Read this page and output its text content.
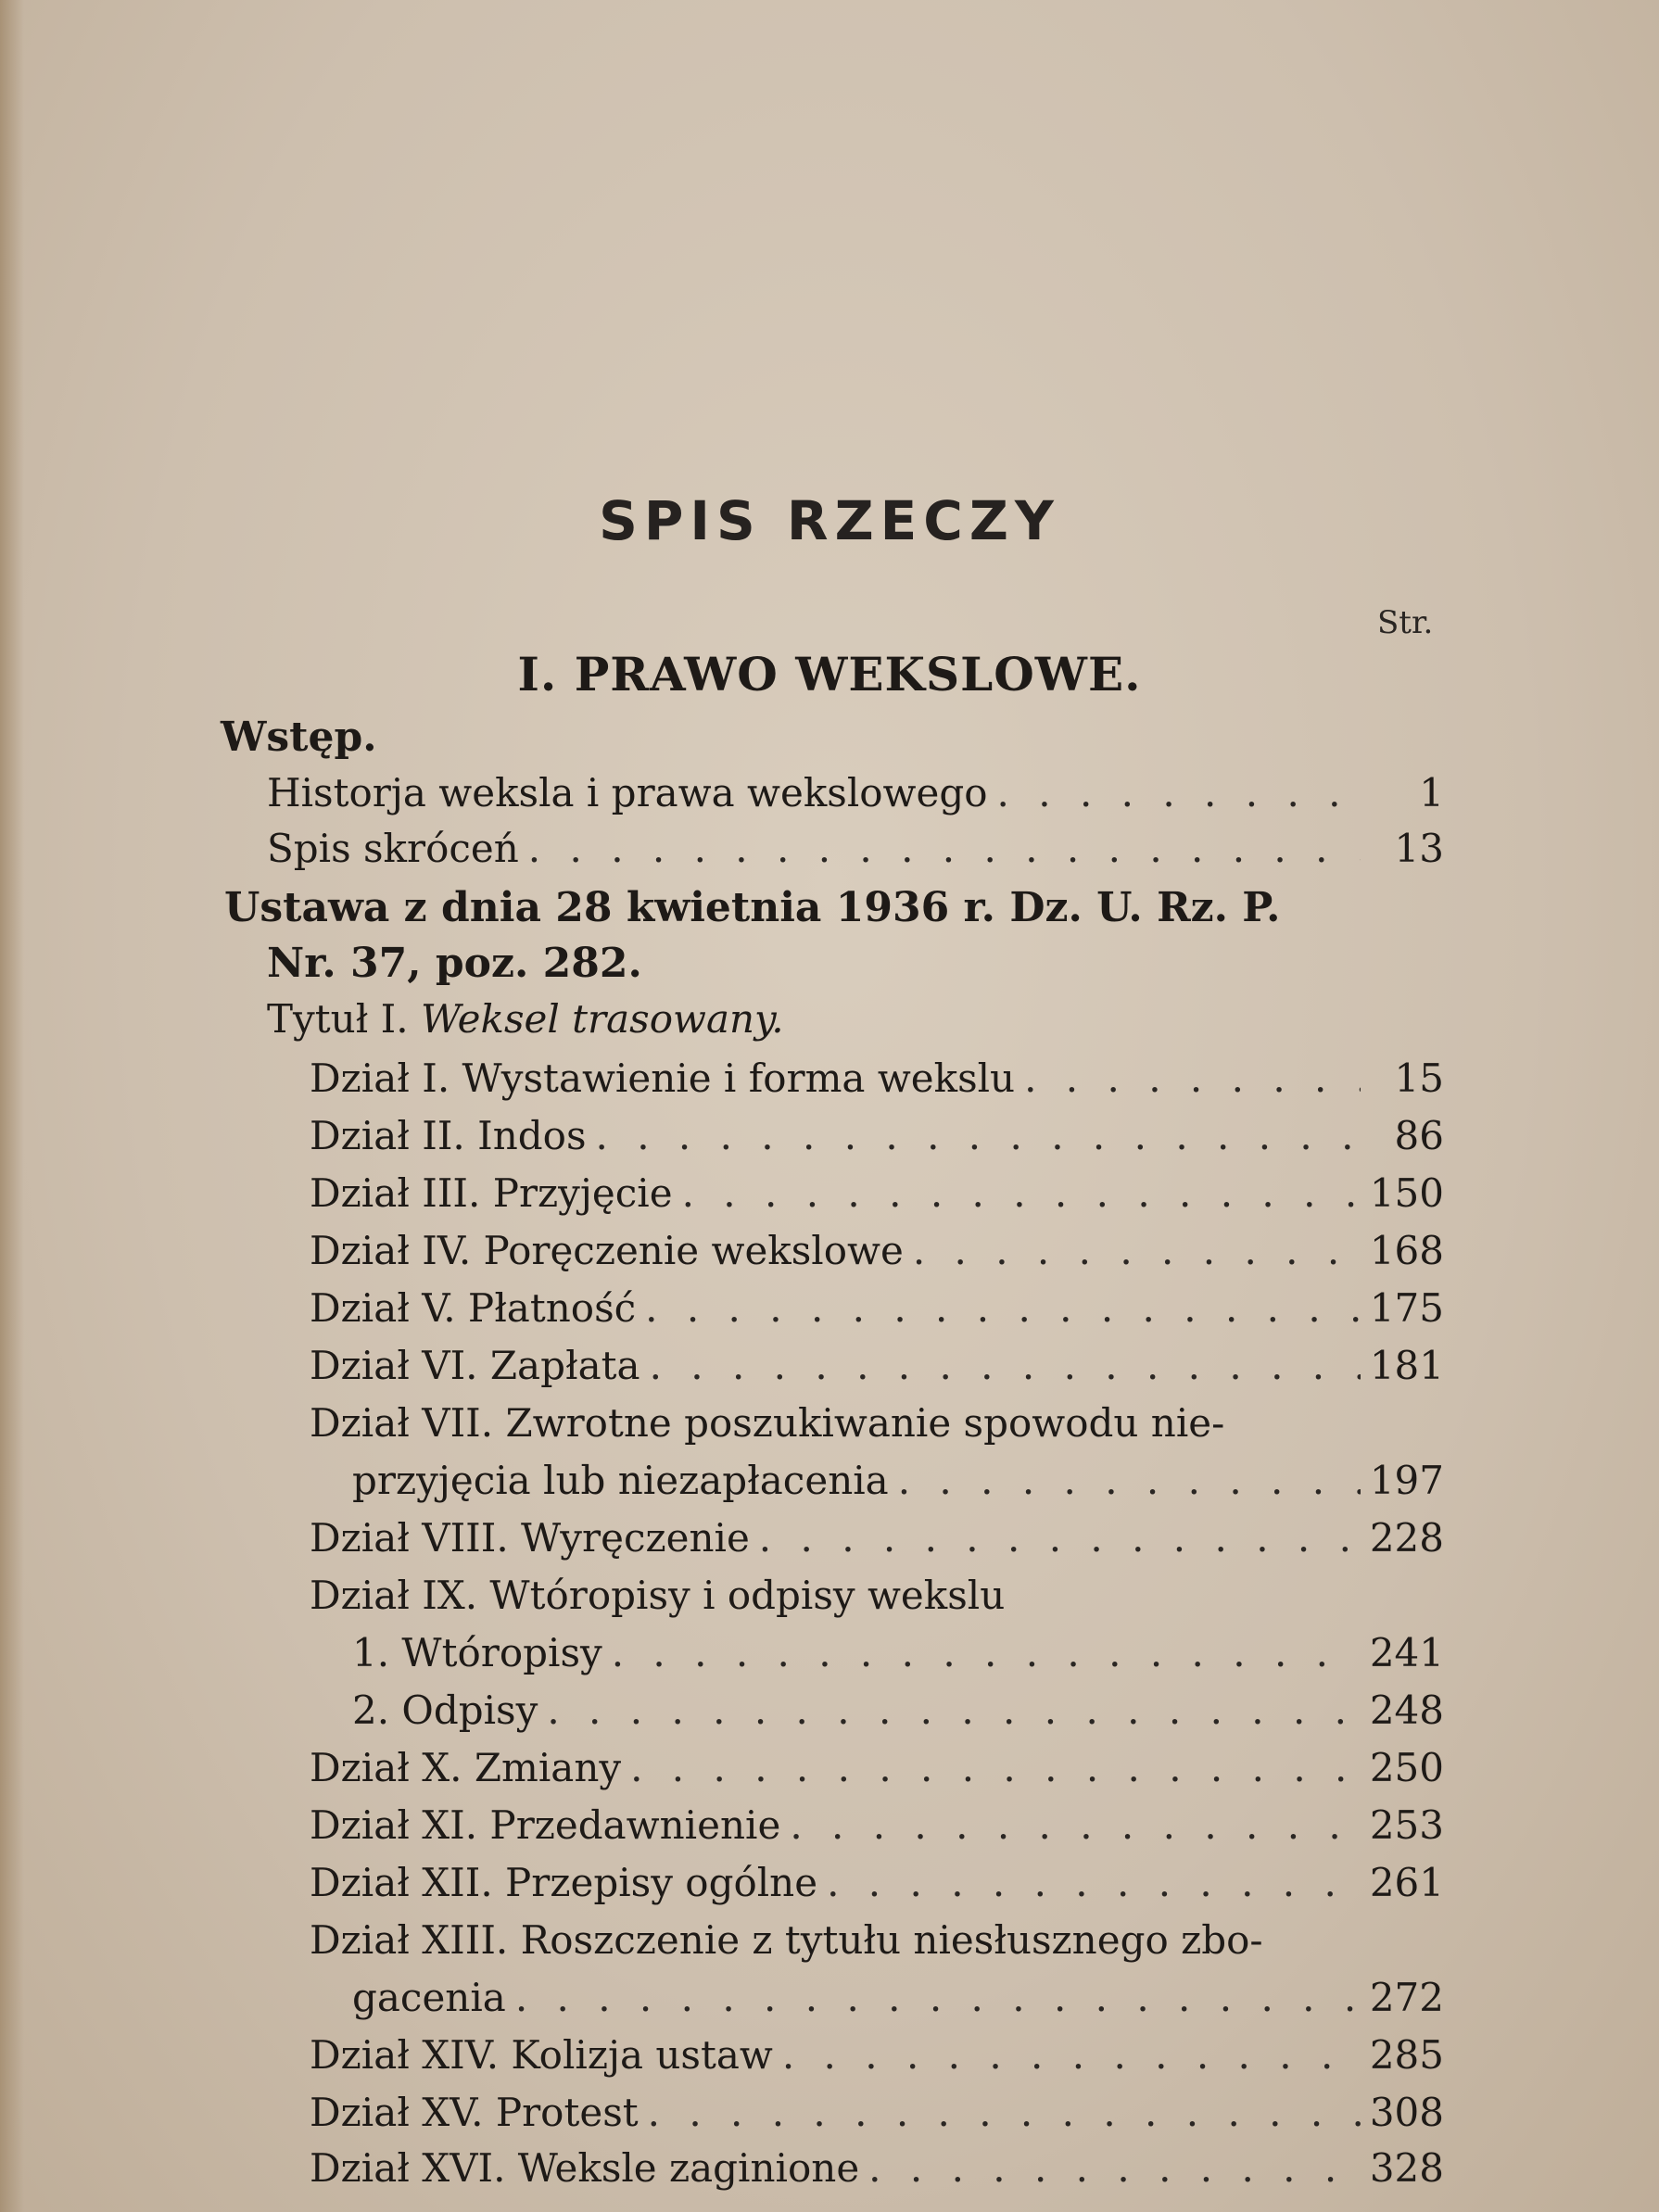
SPIS RZECZY
Str.
I. PRAWO WEKSLOWE.
Wstęp.
Historja weksla i prawa wekslowego . . .	1
Spis skróceń . . .	13
Ustawa z dnia 28 kwietnia 1936 r. Dz. U. Rz. P.
Nr. 37, poz. 282.
Tytuł I. Weksel trasowany.
Dział I. Wystawienie i forma wekslu . . .	15
Dział II. Indos . . .	86
Dział III. Przyjęcie . . .	150
Dział IV. Poręczenie wekslowe . . .	168
Dział V. Płatność . . .	175
Dział VI. Zapłata . . .	181
Dział VII. Zwrotne poszukiwanie spowodu nie-
przyjęcia lub niezapłacenia . . .	197
Dział VIII. Wyręczenie . . .	228
Dział IX. Wtóropisy i odpisy wekslu
1. Wtóropisy . . .	241
2. Odpisy . . .	248
Dział X. Zmiany . . .	250
Dział XI. Przedawnienie . . .	253
Dział XII. Przepisy ogólne . . .	261
Dział XIII. Roszczenie z tytułu niesłusznego zbo-
gacenia . . .	272
Dział XIV. Kolizja ustaw . . .	285
Dział XV. Protest . . .	308
Dział XVI. Weksle zaginione . . .	328
